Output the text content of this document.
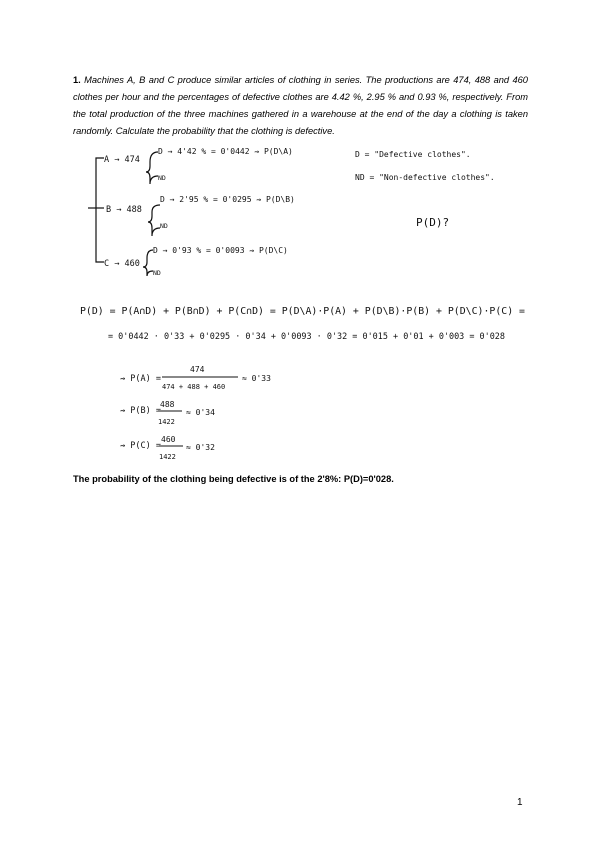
1. Machines A, B and C produce similar articles of clothing in series. The productions are 474, 488 and 460 clothes per hour and the percentages of defective clothes are 4.42 %, 2.95 % and 0.93 %, respectively. From the total production of the three machines gathered in a warehouse at the end of the day a clothing is taken randomly. Calculate the probability that the clothing is defective.
A → 474
D → 4'42 % = 0'0442 ⇝ P(D\A)
ND
B → 488
D → 2'95 % = 0'0295 ⇝ P(D\B)
ND
C → 460
D → 0'93 % = 0'0093 ⇝ P(D\C)
ND
D = "Defective clothes".
ND = "Non-defective clothes".
P(D)?
P(D) = P(A∩D) + P(B∩D) + P(C∩D) = P(D\A)·P(A) + P(D\B)·P(B) + P(D\C)·P(C) =
= 0'0442 · 0'33 + 0'0295 · 0'34 + 0'0093 · 0'32 = 0'015 + 0'01 + 0'003 = 0'028
⇝ P(A) =
474
474 + 488 + 460
≈ 0'33
⇝ P(B) =
488
1422
≈ 0'34
⇝ P(C) =
460
1422
≈ 0'32
The probability of the clothing being defective is of the 2'8%: P(D)=0'028.
1
